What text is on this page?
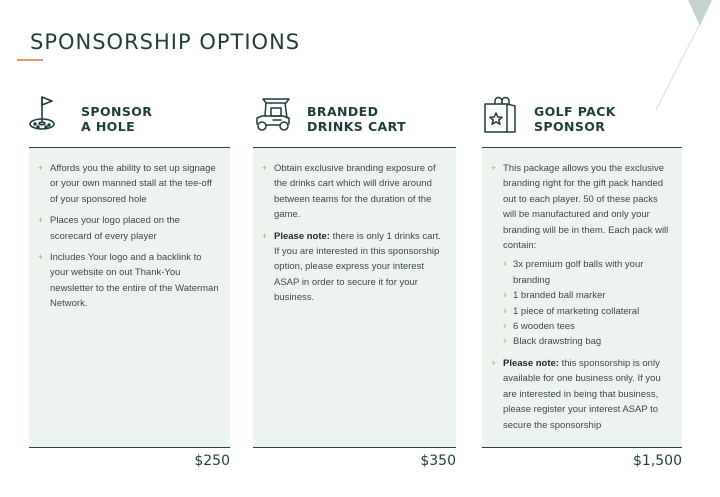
SPONSORSHIP OPTIONS
SPONSOR
A HOLE
+ Affords you the ability to set up signage or your own manned stall at the tee-off of your sponsored hole
+ Places your logo placed on the scorecard of every player
+ Includes Your logo and a backlink to your website on out Thank-You newsletter to the entire of the Waterman Network.
$250
BRANDED
DRINKS CART
+ Obtain exclusive branding exposure of the drinks cart which will drive around between teams for the duration of the game.
+ Please note: there is only 1 drinks cart. If you are interested in this sponsorship option, please express your interest ASAP in order to secure it for your business.
$350
GOLF PACK
SPONSOR
+ This package allows you the exclusive branding right for the gift pack handed out to each player. 50 of these packs will be manufactured and only your branding will be in them. Each pack will contain:
› 3x premium golf balls with your branding
› 1 branded ball marker
› 1 piece of marketing collateral
› 6 wooden tees
› Black drawstring bag
+ Please note: this sponsorship is only available for one business only. If you are interested in being that business, please register your interest ASAP to secure the sponsorship
$1,500
